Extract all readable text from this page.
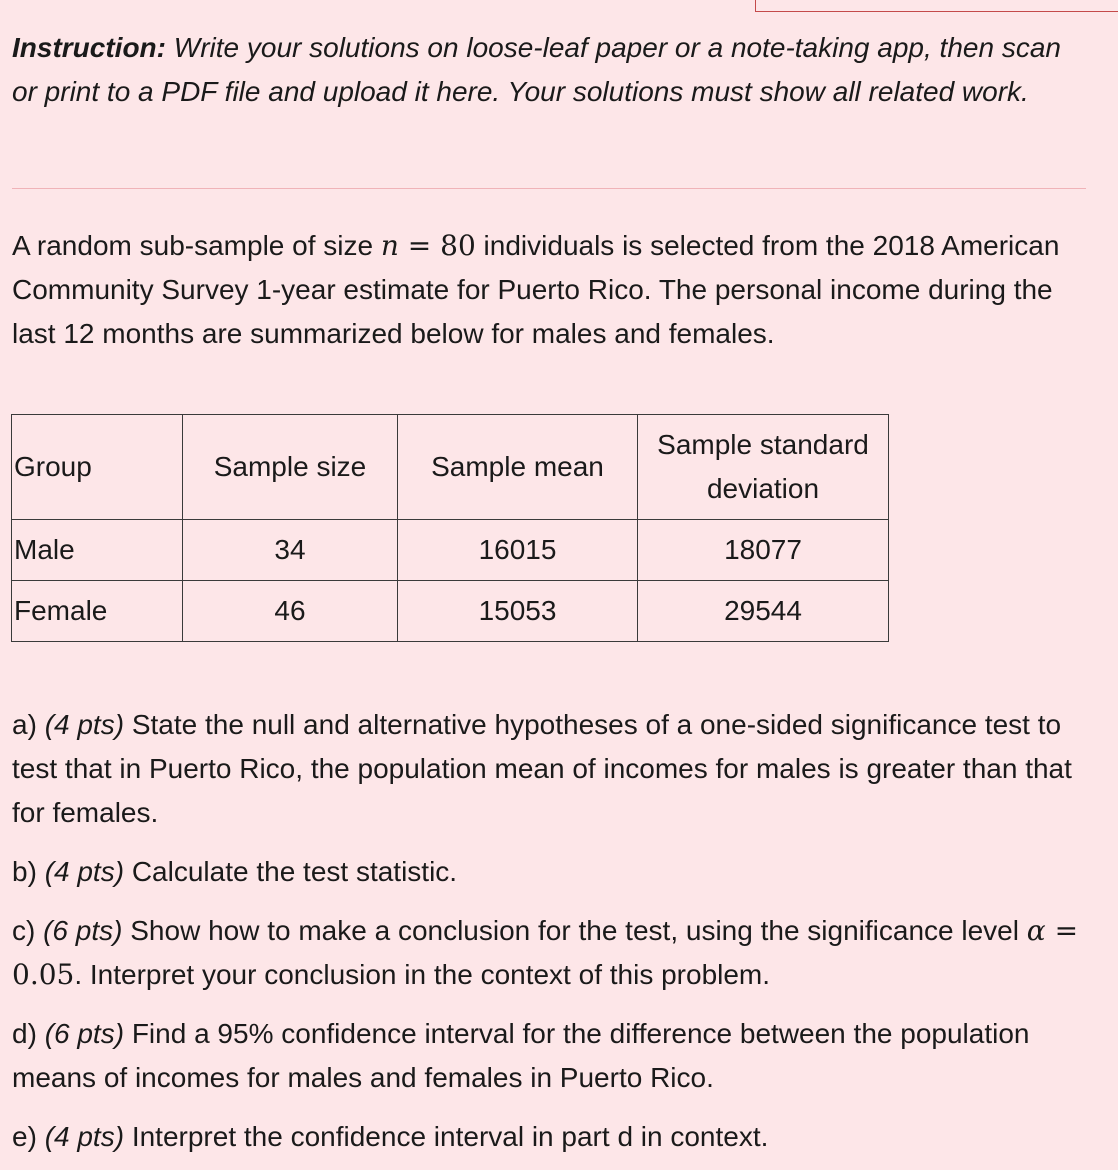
Instruction: Write your solutions on loose-leaf paper or a note-taking app, then scan or print to a PDF file and upload it here. Your solutions must show all related work.
A random sub-sample of size n = 80 individuals is selected from the 2018 American Community Survey 1-year estimate for Puerto Rico. The personal income during the last 12 months are summarized below for males and females.
Group	Sample size	Sample mean	Sample standard deviation
Male	34	16015	18077
Female	46	15053	29544
a) (4 pts) State the null and alternative hypotheses of a one-sided significance test to test that in Puerto Rico, the population mean of incomes for males is greater than that for females.
b) (4 pts) Calculate the test statistic.
c) (6 pts) Show how to make a conclusion for the test, using the significance level α = 0.05. Interpret your conclusion in the context of this problem.
d) (6 pts) Find a 95% confidence interval for the difference between the population means of incomes for males and females in Puerto Rico.
e) (4 pts) Interpret the confidence interval in part d in context.
